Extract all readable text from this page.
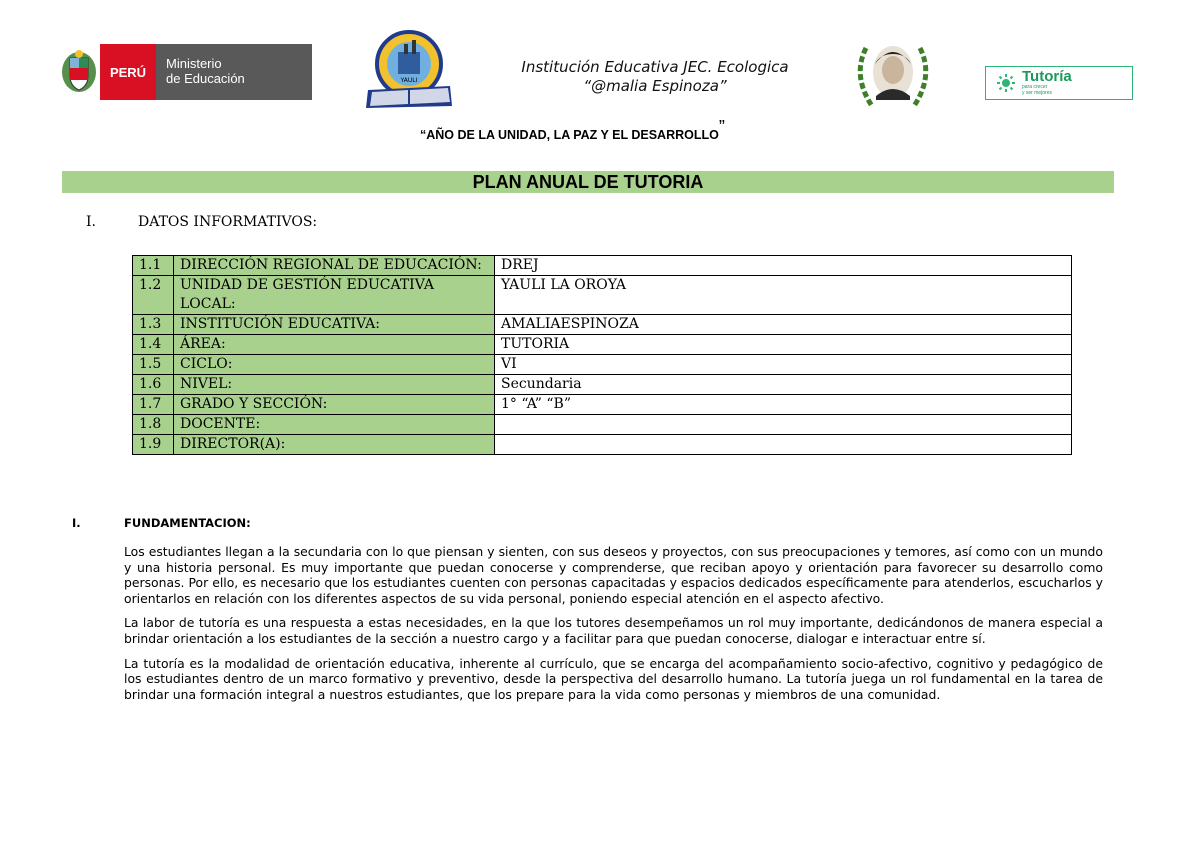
PERÚ
Ministerio
de Educación	YAULI
Institución Educativa JEC. Ecologica
“@malia Espinoza”
Tutoría
para crecer
y ser mejores
“AÑO DE LA UNIDAD, LA PAZ Y EL DESARROLLO”
PLAN ANUAL DE TUTORIA
I.	DATOS INFORMATIVOS:
1.1	DIRECCIÓN REGIONAL DE EDUCACIÓN:	DREJ
1.2	UNIDAD DE GESTIÓN EDUCATIVA LOCAL:	YAULI LA OROYA
1.3	INSTITUCIÓN EDUCATIVA:	AMALIAESPINOZA
1.4	ÁREA:	TUTORIA
1.5	CICLO:	VI
1.6	NIVEL:	Secundaria
1.7	GRADO Y SECCIÓN:	1° “A” “B”
1.8	DOCENTE:	
1.9	DIRECTOR(A):	
I.	FUNDAMENTACION:

Los estudiantes llegan a la secundaria con lo que piensan y sienten, con sus deseos y proyectos, con sus preocupaciones y temores, así como con un mundo y una historia personal. Es muy importante que puedan conocerse y comprenderse, que reciban apoyo y orientación para favorecer su desarrollo como personas. Por ello, es necesario que los estudiantes cuenten con personas capacitadas y espacios dedicados específicamente para atenderlos, escucharlos y orientarlos en relación con los diferentes aspectos de su vida personal, poniendo especial atención en el aspecto afectivo.

La labor de tutoría es una respuesta a estas necesidades, en la que los tutores desempeñamos un rol muy importante, dedicándonos de manera especial a brindar orientación a los estudiantes de la sección a nuestro cargo y a facilitar para que puedan conocerse, dialogar e interactuar entre sí.

La tutoría es la modalidad de orientación educativa, inherente al currículo, que se encarga del acompañamiento socio-afectivo, cognitivo y pedagógico de los estudiantes dentro de un marco formativo y preventivo, desde la perspectiva del desarrollo humano. La tutoría juega un rol fundamental en la tarea de brindar una formación integral a nuestros estudiantes, que los prepare para la vida como personas y miembros de una comunidad.
